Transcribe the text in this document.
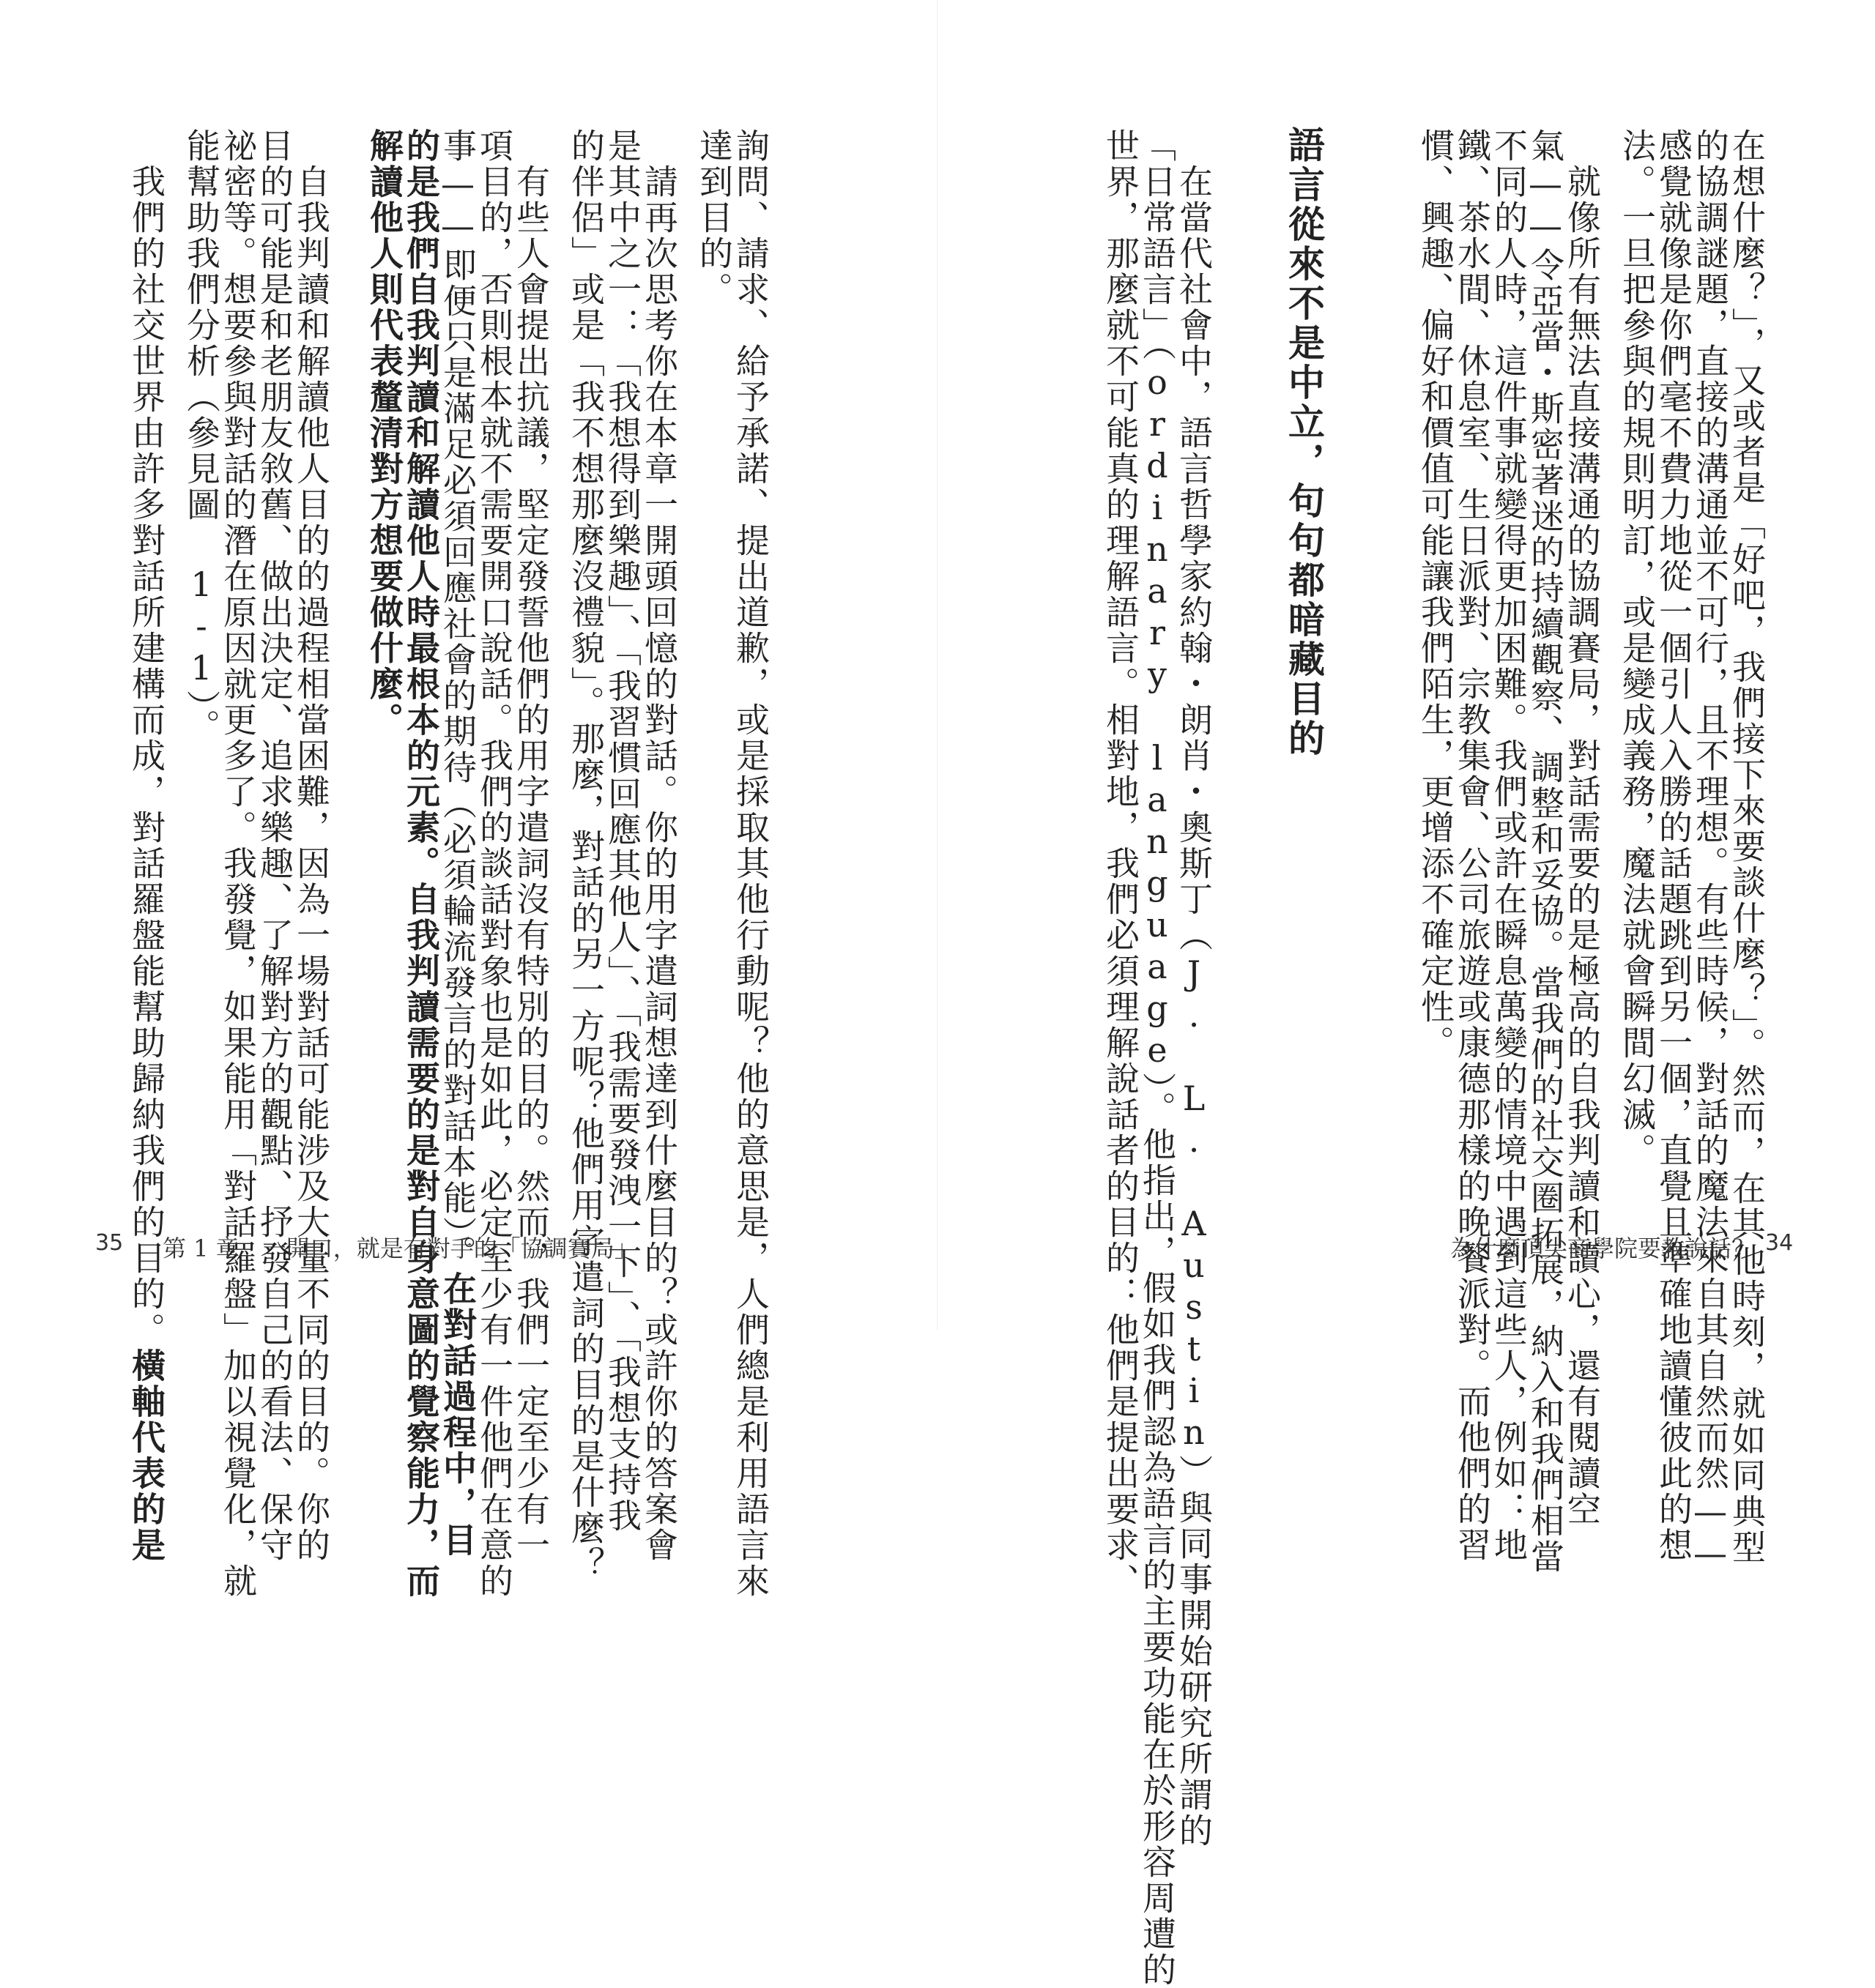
在想什麼？」，又或者是「好吧，我們接下來要談什麼？」。然而，在其他時刻，就如同典型
的協調謎題，直接的溝通並不可行，且不理想。有些時候，對話的魔法來自其自然而然——
感覺就像是你們毫不費力地從一個引人入勝的話題跳到另一個，直覺且準確地讀懂彼此的想
法。一旦把參與的規則明訂，或是變成義務，魔法就會瞬間幻滅。
　就像所有無法直接溝通的協調賽局，對話需要的是極高的自我判讀和讀心，還有閱讀空
氣——令亞當・斯密著迷的持續觀察、調整和妥協。當我們的社交圈拓展，納入和我們相當
不同的人時，這件事就變得更加困難。我們或許在瞬息萬變的情境中遇到這些人，例如：地
鐵、茶水間、休息室、生日派對、宗教集會、公司旅遊或康德那樣的晚餐派對。而他們的習
慣、興趣、偏好和價值可能讓我們陌生，更增添不確定性。
語言從來不是中立，句句都暗藏目的
　在當代社會中，語言哲學家約翰・朗肖・奧斯丁（J. L. Austin）與同事開始研究所謂的
「日常語言」（ordinary language）。他指出，假如我們認為語言的主要功能在於形容周遭的
世界，那麼就不可能真的理解語言。相對地，我們必須理解說話者的目的：他們是提出要求、	為什麼頂尖商學院要教說話？ 34
詢問、請求、給予承諾、提出道歉，或是採取其他行動呢？他的意思是，人們總是利用語言來
達到目的。
　請再次思考你在本章一開頭回憶的對話。你的用字遣詞想達到什麼目的？或許你的答案會
是其中之一：「我想得到樂趣」、「我習慣回應其他人」、「我需要發洩一下」、「我想支持我
的伴侶」或是「我不想那麼沒禮貌」。那麼，對話的另一方呢？他們用字遣詞的目的是什麼？
　有些人會提出抗議，堅定發誓他們的用字遣詞沒有特別的目的。然而，我們一定至少有一
項目的，否則根本就不需要開口說話。我們的談話對象也是如此，必定至少有一件他們在意的
事——即便只是滿足必須回應社會的期待（必須輪流發言的對話本能）。在對話過程中，目
的是我們自我判讀和解讀他人時最根本的元素。自我判讀需要的是對自身意圖的覺察能力，而
解讀他人則代表釐清對方想要做什麼。
　自我判讀和解讀他人目的的過程相當困難，因為一場對話可能涉及大量不同的目的。你的
目的可能是和老朋友敘舊、做出決定、追求樂趣、了解對方的觀點、抒發自己的看法、保守
祕密等。想要參與對話的潛在原因就更多了。我發覺，如果能用「對話羅盤」加以視覺化，就
能幫助我們分析（參見圖 1-1）。
　我們的社交世界由許多對話所建構而成，對話羅盤能幫助歸納我們的目的。橫軸代表的是
35 第 1 章　一開口，就是有對手的「協調賽局」
